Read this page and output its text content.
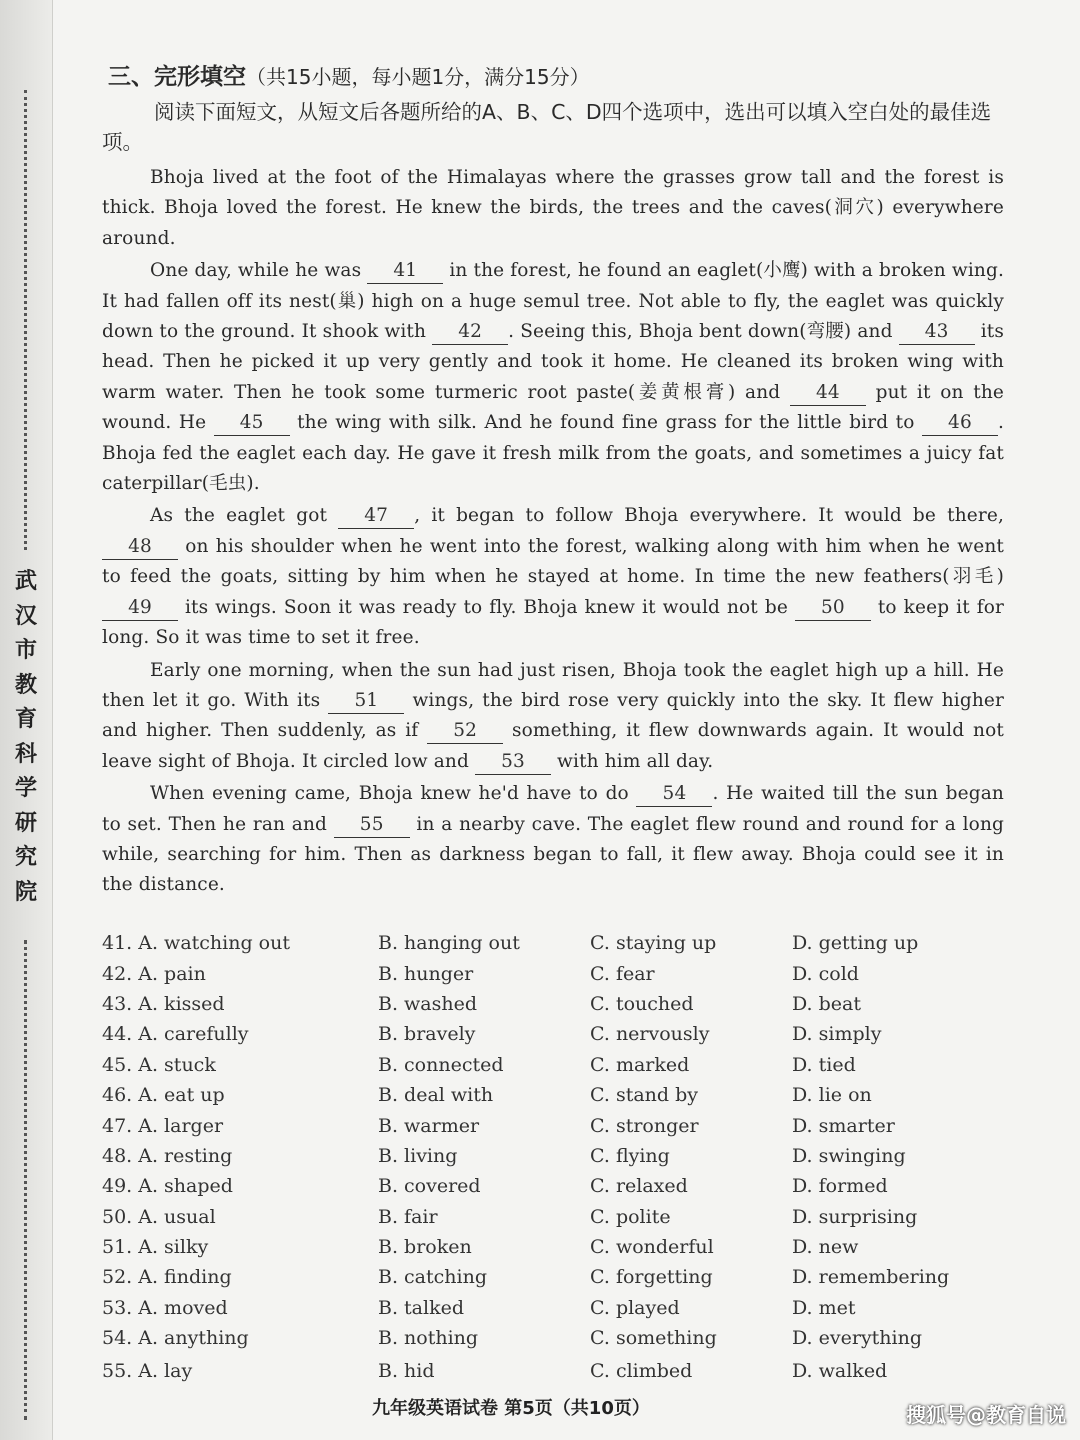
武
汉
市
教
育
科
学
研
究
院
三、完形填空（共15小题，每小题1分，满分15分）

阅读下面短文，从短文后各题所给的A、B、C、D四个选项中，选出可以填入空白处的最佳选项。

Bhoja lived at the foot of the Himalayas where the grasses grow tall and the forest is thick. Bhoja loved the forest. He knew the birds, the trees and the caves(洞穴) everywhere around.

One day, while he was 41 in the forest, he found an eaglet(小鹰) with a broken wing. It had fallen off its nest(巢) high on a huge semul tree. Not able to fly, the eaglet was quickly down to the ground. It shook with 42 . Seeing this, Bhoja bent down(弯腰) and 43 its head. Then he picked it up very gently and took it home. He cleaned its broken wing with warm water. Then he took some turmeric root paste(姜黄根膏) and 44 put it on the wound. He 45 the wing with silk. And he found fine grass for the little bird to 46 . Bhoja fed the eaglet each day. He gave it fresh milk from the goats, and sometimes a juicy fat caterpillar(毛虫).

As the eaglet got 47 , it began to follow Bhoja everywhere. It would be there, 48 on his shoulder when he went into the forest, walking along with him when he went to feed the goats, sitting by him when he stayed at home. In time the new feathers(羽毛) 49 its wings. Soon it was ready to fly. Bhoja knew it would not be 50 to keep it for long. So it was time to set it free.

Early one morning, when the sun had just risen, Bhoja took the eaglet high up a hill. He then let it go. With its 51 wings, the bird rose very quickly into the sky. It flew higher and higher. Then suddenly, as if 52 something, it flew downwards again. It would not leave sight of Bhoja. It circled low and 53 with him all day.

When evening came, Bhoja knew he'd have to do 54 . He waited till the sun began to set. Then he ran and 55 in a nearby cave. The eaglet flew round and round for a long while, searching for him. Then as darkness began to fall, it flew away. Bhoja could see it in the distance.

41. A. watching out	B. hanging out	C. staying up	D. getting up
42. A. pain	B. hunger	C. fear	D. cold
43. A. kissed	B. washed	C. touched	D. beat
44. A. carefully	B. bravely	C. nervously	D. simply
45. A. stuck	B. connected	C. marked	D. tied
46. A. eat up	B. deal with	C. stand by	D. lie on
47. A. larger	B. warmer	C. stronger	D. smarter
48. A. resting	B. living	C. flying	D. swinging
49. A. shaped	B. covered	C. relaxed	D. formed
50. A. usual	B. fair	C. polite	D. surprising
51. A. silky	B. broken	C. wonderful	D. new
52. A. finding	B. catching	C. forgetting	D. remembering
53. A. moved	B. talked	C. played	D. met
54. A. anything	B. nothing	C. something	D. everything
55. A. lay	B. hid	C. climbed	D. walked
九年级英语试卷 第5页（共10页）	搜狐号@教育自说
